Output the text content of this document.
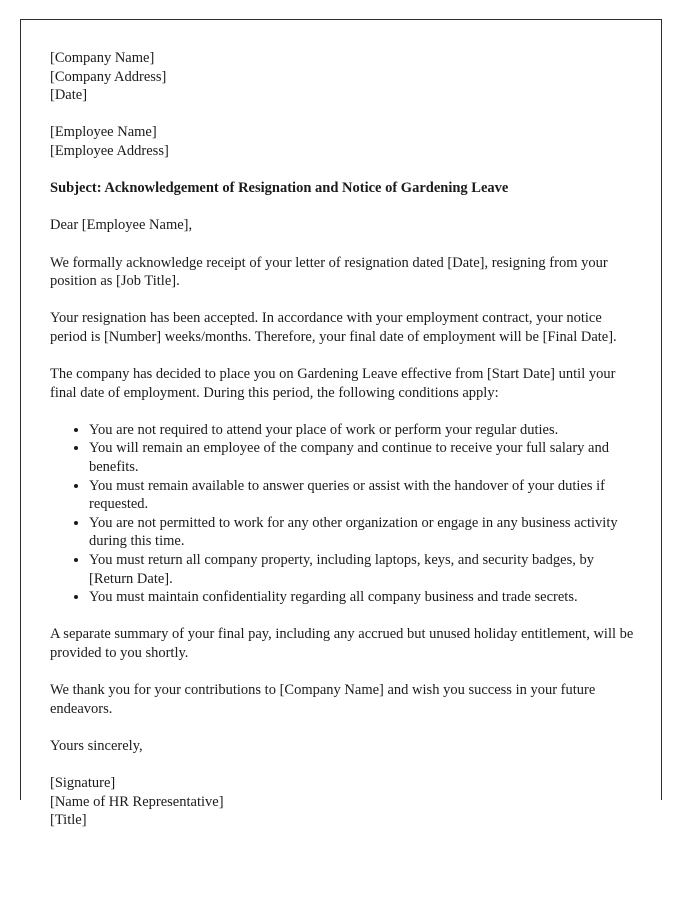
[Company Name]
[Company Address]
[Date]
[Employee Name]
[Employee Address]

Subject: Acknowledgement of Resignation and Notice of Gardening Leave

Dear [Employee Name],

We formally acknowledge receipt of your letter of resignation dated [Date], resigning from your position as [Job Title].

Your resignation has been accepted. In accordance with your employment contract, your notice period is [Number] weeks/months. Therefore, your final date of employment will be [Final Date].

The company has decided to place you on Gardening Leave effective from [Start Date] until your final date of employment. During this period, the following conditions apply:

• You are not required to attend your place of work or perform your regular duties.
• You will remain an employee of the company and continue to receive your full salary and benefits.
• You must remain available to answer queries or assist with the handover of your duties if requested.
• You are not permitted to work for any other organization or engage in any business activity during this time.
• You must return all company property, including laptops, keys, and security badges, by [Return Date].
• You must maintain confidentiality regarding all company business and trade secrets.

A separate summary of your final pay, including any accrued but unused holiday entitlement, will be provided to you shortly.

We thank you for your contributions to [Company Name] and wish you success in your future endeavors.

Yours sincerely,

[Signature]
[Name of HR Representative]
[Title]
